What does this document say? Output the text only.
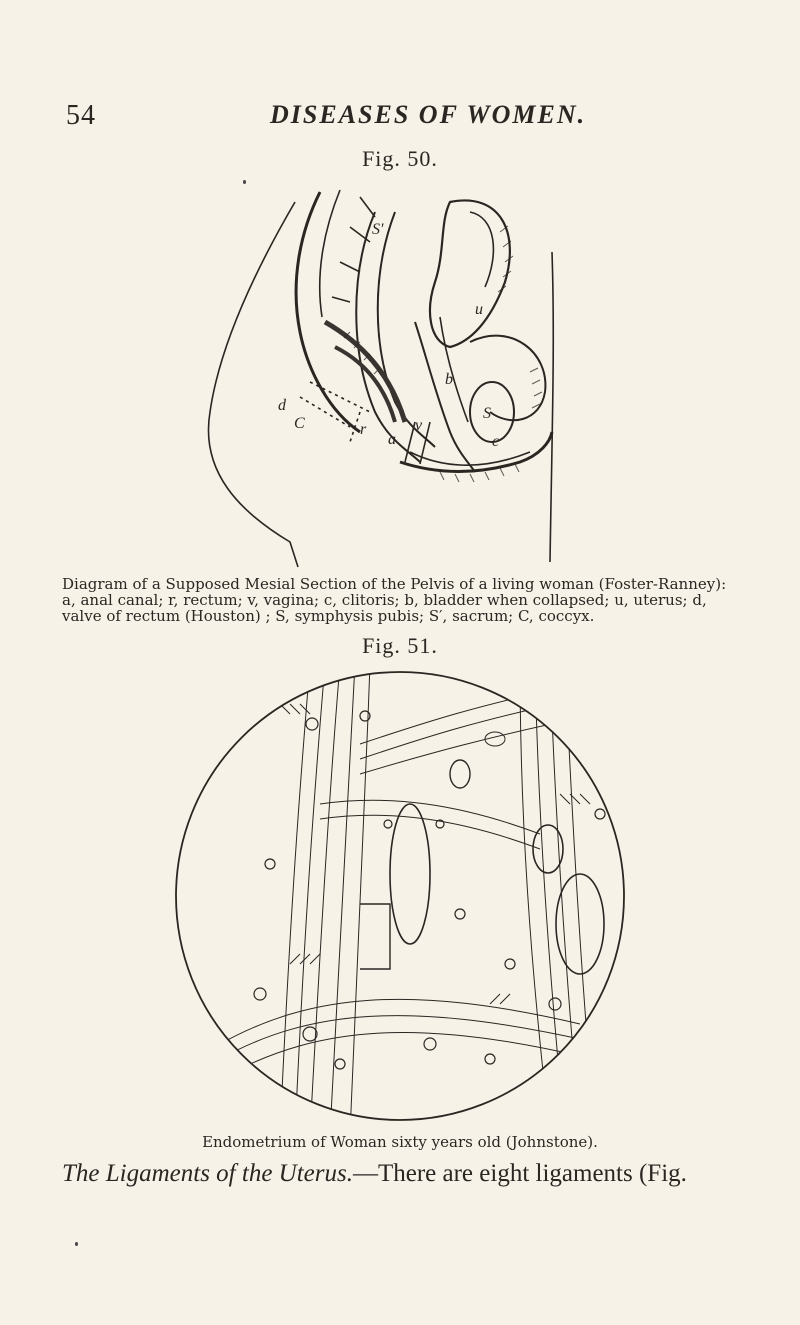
54	DISEASES OF WOMEN.
Fig. 50.
S′
d
C	r
a
v
b
S
c
u
Diagram of a Supposed Mesial Section of the Pelvis of a living woman (Foster-Ranney): a, anal canal; r, rectum; v, vagina; c, clitoris; b, bladder when collapsed; u, uterus; d, valve of rectum (Houston) ; S, symphysis pubis; S′, sacrum; C, coccyx.
Fig. 51.
Endometrium of Woman sixty years old (Johnstone).
The Ligaments of the Uterus.—There are eight ligaments (Fig.
